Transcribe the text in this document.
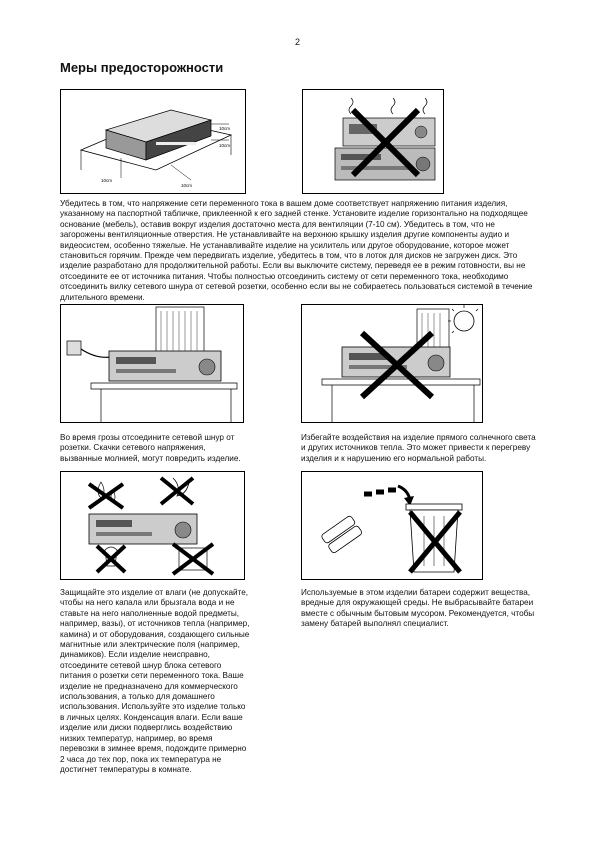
2
Меры предосторожности
10cm
10cm
10cm
10cm

Убедитесь в том, что напряжение сети переменного тока в вашем доме соответствует напряжению питания изделия, указанному на паспортной табличке, приклеенной к его задней стенке. Установите изделие горизонтально на подходящее основание (мебель), оставив вокруг изделия достаточно места для вентиляции (7-10 см). Убедитесь в том, что не загорожены вентиляционные отверстия. Не устанавливайте на верхнюю крышку изделия другие компоненты аудио и видеосистем, особенно тяжелые. Не устанавливайте изделие на усилитель или другое оборудование, которое может становиться горячим. Прежде чем передвигать изделие, убедитесь в том, что в лоток для дисков не загружен диск. Это изделие разработано для продолжительной работы. Если вы выключите систему, переведя ее в режим готовности, вы не отсоедините ее от источника питания. Чтобы полностью отсоединить систему от сети переменного тока, необходимо отсоединить вилку сетевого шнура от сетевой розетки, особенно если вы не собираетесь пользоваться системой в течение длительного времени.

Во время грозы отсоедините сетевой шнур от розетки. Скачки сетевого напряжения, вызванные молнией, могут повредить изделие.

Избегайте воздействия на изделие прямого солнечного света и других источников тепла. Это может привести к перегреву изделия и к нарушению его нормальной работы.

Защищайте это изделие от влаги (не допускайте, чтобы на него капала или брызгала вода и не ставьте на него наполненные водой предметы, например, вазы), от источников тепла (например, камина) и от оборудования, создающего сильные магнитные или электрические поля (например, динамиков). Если изделие неисправно, отсоедините сетевой шнур блока сетевого питания о розетки сети переменного тока. Ваше изделие не предназначено для коммерческого использования, а только для домашнего использования. Используйте это изделие только в личных целях. Конденсация влаги. Если ваше изделие или диски подверглись воздействию низких температур, например, во время перевозки в зимнее время, подождите примерно 2 часа до тех пор, пока их температура не достигнет температуры в комнате.

Используемые в этом изделии батареи содержит вещества, вредные для окружающей среды. Не выбрасывайте батареи вместе с обычным бытовым мусором. Рекомендуется, чтобы замену батарей выполнял специалист.
